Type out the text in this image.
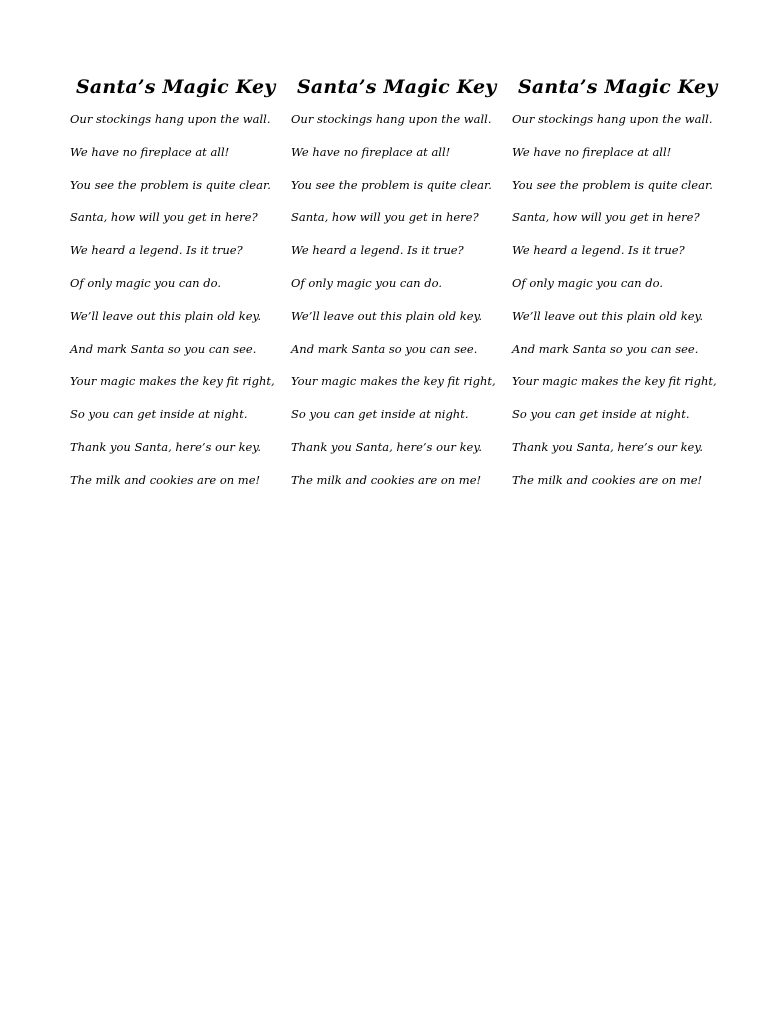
Santa’s Magic Key
Our stockings hang upon the wall.
We have no fireplace at all!
You see the problem is quite clear.
Santa, how will you get in here?
We heard a legend. Is it true?
Of only magic you can do.
We’ll leave out this plain old key.
And mark Santa so you can see.
Your magic makes the key fit right,
So you can get inside at night.
Thank you Santa, here’s our key.
The milk and cookies are on me!
Santa’s Magic Key
Our stockings hang upon the wall.
We have no fireplace at all!
You see the problem is quite clear.
Santa, how will you get in here?
We heard a legend. Is it true?
Of only magic you can do.
We’ll leave out this plain old key.
And mark Santa so you can see.
Your magic makes the key fit right,
So you can get inside at night.
Thank you Santa, here’s our key.
The milk and cookies are on me!
Santa’s Magic Key
Our stockings hang upon the wall.
We have no fireplace at all!
You see the problem is quite clear.
Santa, how will you get in here?
We heard a legend. Is it true?
Of only magic you can do.
We’ll leave out this plain old key.
And mark Santa so you can see.
Your magic makes the key fit right,
So you can get inside at night.
Thank you Santa, here’s our key.
The milk and cookies are on me!
